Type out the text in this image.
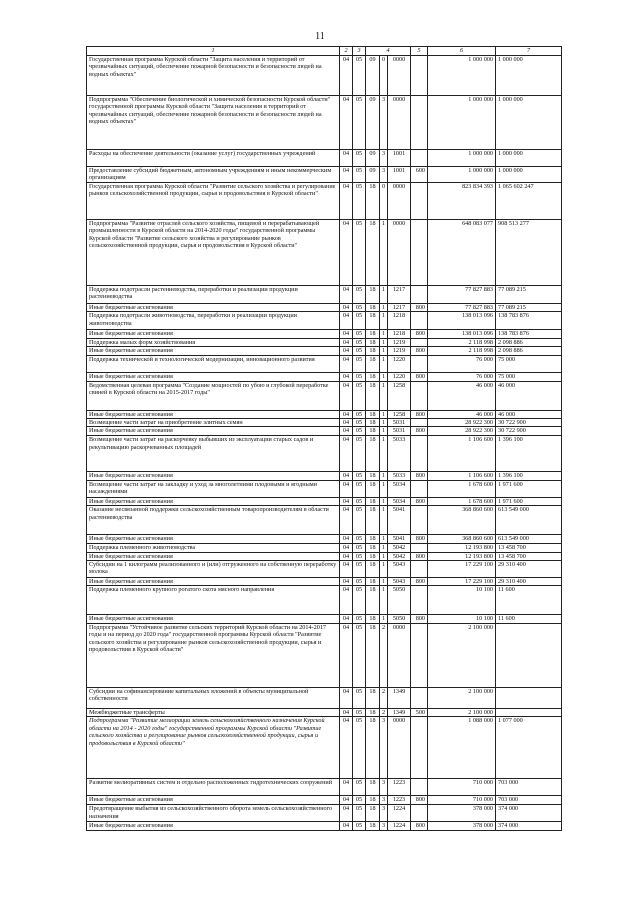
11
1	2	3	4			5	6	7
Государственная программа Курской области "Защита населения и территорий от чрезвычайных ситуаций, обеспечение пожарной безопасности и безопасности людей на водных объектах"	04	05	09	0	0000		1 000 000	1 000 000
Подпрограмма "Обеспечение биологической и химической безопасности Курской области" государственной программы Курской области "Защита населения и территорий от чрезвычайных ситуаций, обеспечение пожарной безопасности и безопасности людей на водных объектах"	04	05	09	3	0000		1 000 000	1 000 000
Расходы на обеспечение деятельности (оказание услуг) государственных учреждений	04	05	09	3	1001		1 000 000	1 000 000
Предоставление субсидий бюджетным, автономным учреждениям и иным некоммерческим организациям	04	05	09	3	1001	600	1 000 000	1 000 000
Государственная программа Курской области "Развитие сельского хозяйства и регулирование рынков сельскохозяйственной продукции, сырья и продовольствия в Курской области"	04	05	18	0	0000		823 834 393	1 065 602 247
Подпрограмма "Развитие отраслей сельского хозяйства, пищевой и перерабатывающей промышленности в Курской области на 2014-2020 годы" государственной программы Курской области "Развитие сельского хозяйства и регулирование рынков сельскохозяйственной продукции, сырья и продовольствия в Курской области"	04	05	18	1	0000		648 083 077	908 513 277
Поддержка подотрасли растениеводства, переработки и реализации продукции растениеводства	04	05	18	1	1217		77 827 883	77 089 215
Иные бюджетные ассигнования	04	05	18	1	1217	800	77 827 883	77 089 215
Поддержка подотрасли животноводства, переработки и реализации продукции животноводства	04	05	18	1	1218		138 013 096	138 783 876
Иные бюджетные ассигнования	04	05	18	1	1218	800	138 013 096	138 783 876
Поддержка малых форм хозяйствования	04	05	18	1	1219		2 118 998	2 098 886
Иные бюджетные ассигнования	04	05	18	1	1219	800	2 118 998	2 098 886
Поддержка технической и технологической модернизации, инновационного развития	04	05	18	1	1220		76 000	75 000
Иные бюджетные ассигнования	04	05	18	1	1220	800	76 000	75 000
Ведомственная целевая программа "Создание мощностей по убою и глубокой переработке свиней в Курской области на 2015-2017 годы"	04	05	18	1	1258		46 000	46 000
Иные бюджетные ассигнования	04	05	18	1	1258	800	46 000	46 000
Возмещение части затрат на приобретение элитных семян	04	05	18	1	5031		28 922 300	30 722 900
Иные бюджетные ассигнования	04	05	18	1	5031	800	28 922 300	30 722 900
Возмещение части затрат на раскорчевку выбывших из эксплуатации старых садов и рекультивацию раскорчеванных площадей	04	05	18	1	5033		1 106 600	1 396 100
Иные бюджетные ассигнования	04	05	18	1	5033	800	1 106 600	1 396 100
Возмещение части затрат на закладку и уход за многолетними плодовыми и ягодными насаждениями	04	05	18	1	5034		1 678 600	1 971 600
Иные бюджетные ассигнования	04	05	18	1	5034	800	1 678 600	1 971 600
Оказание несвязанной поддержки сельскохозяйственным товаропроизводителям в области растениеводства	04	05	18	1	5041		368 860 600	613 549 000
Иные бюджетные ассигнования	04	05	18	1	5041	800	368 860 600	613 549 000
Поддержка племенного животноводства	04	05	18	1	5042		12 193 800	13 458 700
Иные бюджетные ассигнования	04	05	18	1	5042	800	12 193 800	13 458 700
Субсидии на 1 килограмм реализованного и (или) отгруженного на собственную переработку молока	04	05	18	1	5043		17 229 100	29 310 400
Иные бюджетные ассигнования	04	05	18	1	5043	800	17 229 100	29 310 400
Поддержка племенного крупного рогатого скота мясного направления	04	05	18	1	5050		10 100	11 600
Иные бюджетные ассигнования	04	05	18	1	5050	800	10 100	11 600
Подпрограмма "Устойчивое развитие сельских территорий Курской области на 2014-2017 годы и на период до 2020 года" государственной программы Курской области "Развитие сельского хозяйства и регулирование рынков сельскохозяйственной продукции, сырья и продовольствия в Курской области"	04	05	18	2	0000		2 100 000	
Субсидии на софинансирование капитальных вложений в объекты муниципальной собственности	04	05	18	2	1349		2 100 000	
Межбюджетные трансферты	04	05	18	2	1349	500	2 100 000	
Подпрограмма "Развитие мелиорации земель сельскохозяйственного назначения Курской области на 2014 - 2020 годы" государственной программы Курской области "Развитие сельского хозяйства и регулирование рынков сельскохозяйственной продукции, сырья и продовольствия в Курской области"	04	05	18	3	0000		1 088 000	1 077 000
Развитие мелиоративных систем и отдельно расположенных гидротехнических сооружений	04	05	18	3	1223		710 000	703 000
Иные бюджетные ассигнования	04	05	18	3	1223	800	710 000	703 000
Предотвращение выбытия из сельскохозяйственного оборота земель сельскохозяйственного назначения	04	05	18	3	1224		378 000	374 000
Иные бюджетные ассигнования	04	05	18	3	1224	800	378 000	374 000
